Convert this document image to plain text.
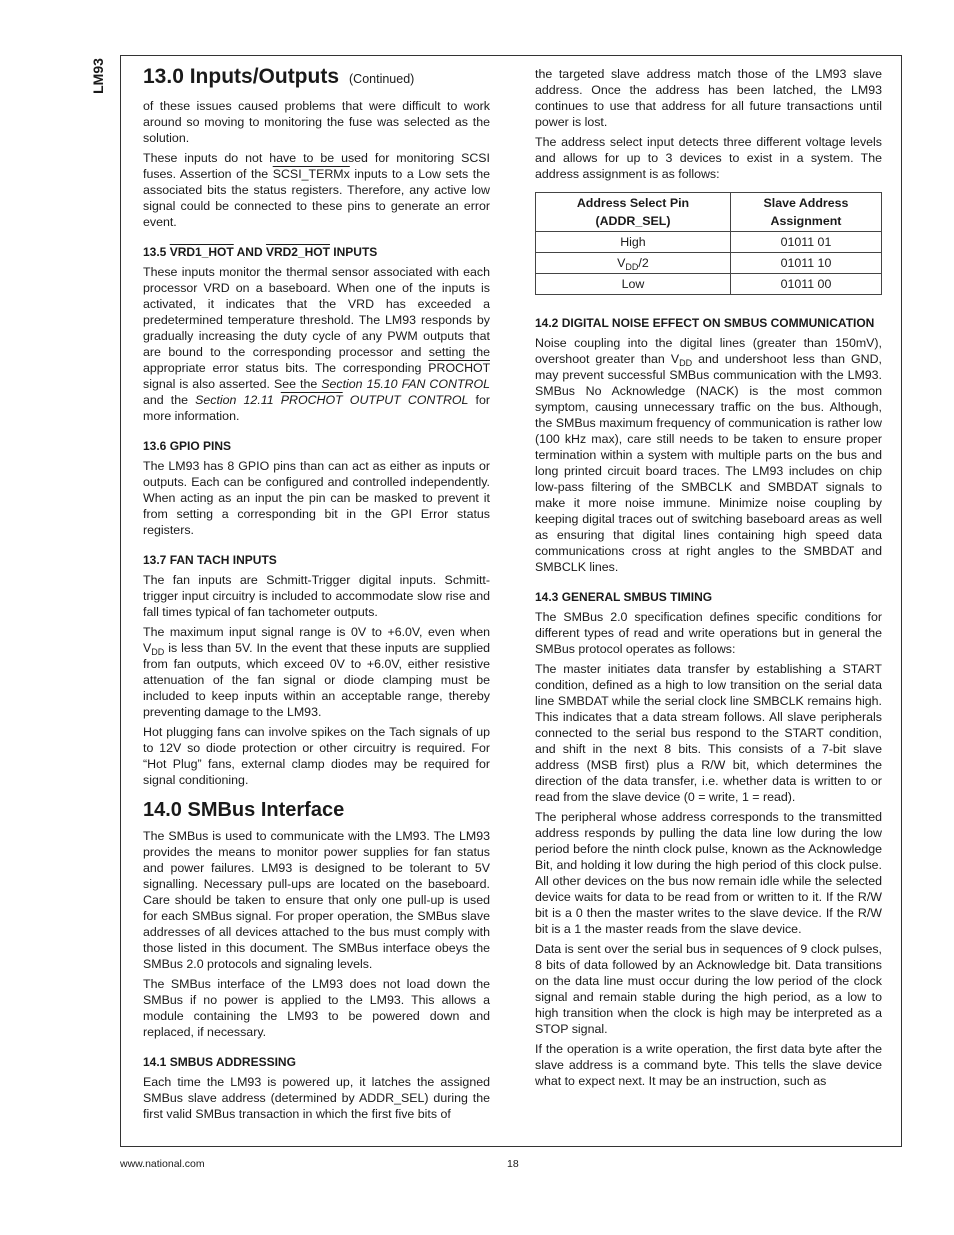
LM93 13.0 Inputs/Outputs (Continued)

of these issues caused problems that were difficult to work around so moving to monitoring the fuse was selected as the solution.

These inputs do not have to be used for monitoring SCSI fuses. Assertion of the SCSI_TERMx inputs to a Low sets the associated bits the status registers. Therefore, any active low signal could be connected to these pins to generate an error event.

13.5 VRD1_HOT AND VRD2_HOT INPUTS

These inputs monitor the thermal sensor associated with each processor VRD on a baseboard. When one of the inputs is activated, it indicates that the VRD has exceeded a predetermined temperature threshold. The LM93 responds by gradually increasing the duty cycle of any PWM outputs that are bound to the corresponding processor and setting the appropriate error status bits. The corresponding PROCHOT signal is also asserted. See the Section 15.10 FAN CONTROL and the Section 12.11 PROCHOT OUTPUT CONTROL for more information.

13.6 GPIO PINS

The LM93 has 8 GPIO pins than can act as either as inputs or outputs. Each can be configured and controlled independently. When acting as an input the pin can be masked to prevent it from setting a corresponding bit in the GPI Error status registers.

13.7 FAN TACH INPUTS

The fan inputs are Schmitt-Trigger digital inputs. Schmitt-trigger input circuitry is included to accommodate slow rise and fall times typical of fan tachometer outputs.

The maximum input signal range is 0V to +6.0V, even when $V_{DD}$ is less than 5V. In the event that these inputs are supplied from fan outputs, which exceed 0V to +6.0V, either resistive attenuation of the fan signal or diode clamping must be included to keep inputs within an acceptable range, thereby preventing damage to the LM93.

Hot plugging fans can involve spikes on the Tach signals of up to 12V so diode protection or other circuitry is required. For “Hot Plug” fans, external clamp diodes may be required for signal conditioning.

14.0 SMBus Interface

The SMBus is used to communicate with the LM93. The LM93 provides the means to monitor power supplies for fan status and power failures. LM93 is designed to be tolerant to 5V signalling. Necessary pull-ups are located on the baseboard. Care should be taken to ensure that only one pull-up is used for each SMBus signal. For proper operation, the SMBus slave addresses of all devices attached to the bus must comply with those listed in this document. The SMBus interface obeys the SMBus 2.0 protocols and signaling levels.

The SMBus interface of the LM93 does not load down the SMBus if no power is applied to the LM93. This allows a module containing the LM93 to be powered down and replaced, if necessary.

14.1 SMBUS ADDRESSING

Each time the LM93 is powered up, it latches the assigned SMBus slave address (determined by ADDR_SEL) during the first valid SMBus transaction in which the first five bits of

the targeted slave address match those of the LM93 slave address. Once the address has been latched, the LM93 continues to use that address for all future transactions until power is lost.

The address select input detects three different voltage levels and allows for up to 3 devices to exist in a system. The address assignment is as follows:

Address Select Pin
(ADDR_SEL)	Slave Address
Assignment
High	01011 01
$V_{DD}/2$	01011 10
Low	01011 00
14.2 DIGITAL NOISE EFFECT ON SMBUS COMMUNICATION

Noise coupling into the digital lines (greater than 150mV), overshoot greater than $V_{DD}$ and undershoot less than GND, may prevent successful SMBus communication with the LM93. SMBus No Acknowledge (NACK) is the most common symptom, causing unnecessary traffic on the bus. Although, the SMBus maximum frequency of communication is rather low (100 kHz max), care still needs to be taken to ensure proper termination within a system with multiple parts on the bus and long printed circuit board traces. The LM93 includes on chip low-pass filtering of the SMBCLK and SMBDAT signals to make it more noise immune. Minimize noise coupling by keeping digital traces out of switching baseboard areas as well as ensuring that digital lines containing high speed data communications cross at right angles to the SMBDAT and SMBCLK lines.

14.3 GENERAL SMBUS TIMING

The SMBus 2.0 specification defines specific conditions for different types of read and write operations but in general the SMBus protocol operates as follows:

The master initiates data transfer by establishing a START condition, defined as a high to low transition on the serial data line SMBDAT while the serial clock line SMBCLK remains high. This indicates that a data stream follows. All slave peripherals connected to the serial bus respond to the START condition, and shift in the next 8 bits. This consists of a 7-bit slave address (MSB first) plus a R/W bit, which determines the direction of the data transfer, i.e. whether data is written to or read from the slave device (0 = write, 1 = read).

The peripheral whose address corresponds to the transmitted address responds by pulling the data line low during the low period before the ninth clock pulse, known as the Acknowledge Bit, and holding it low during the high period of this clock pulse. All other devices on the bus now remain idle while the selected device waits for data to be read from or written to it. If the R/W bit is a 0 then the master writes to the slave device. If the R/W bit is a 1 the master reads from the slave device.

Data is sent over the serial bus in sequences of 9 clock pulses, 8 bits of data followed by an Acknowledge bit. Data transitions on the data line must occur during the low period of the clock signal and remain stable during the high period, as a low to high transition when the clock is high may be interpreted as a STOP signal.

If the operation is a write operation, the first data byte after the slave address is a command byte. This tells the slave device what to expect next. It may be an instruction, such as

www.national.com	18
